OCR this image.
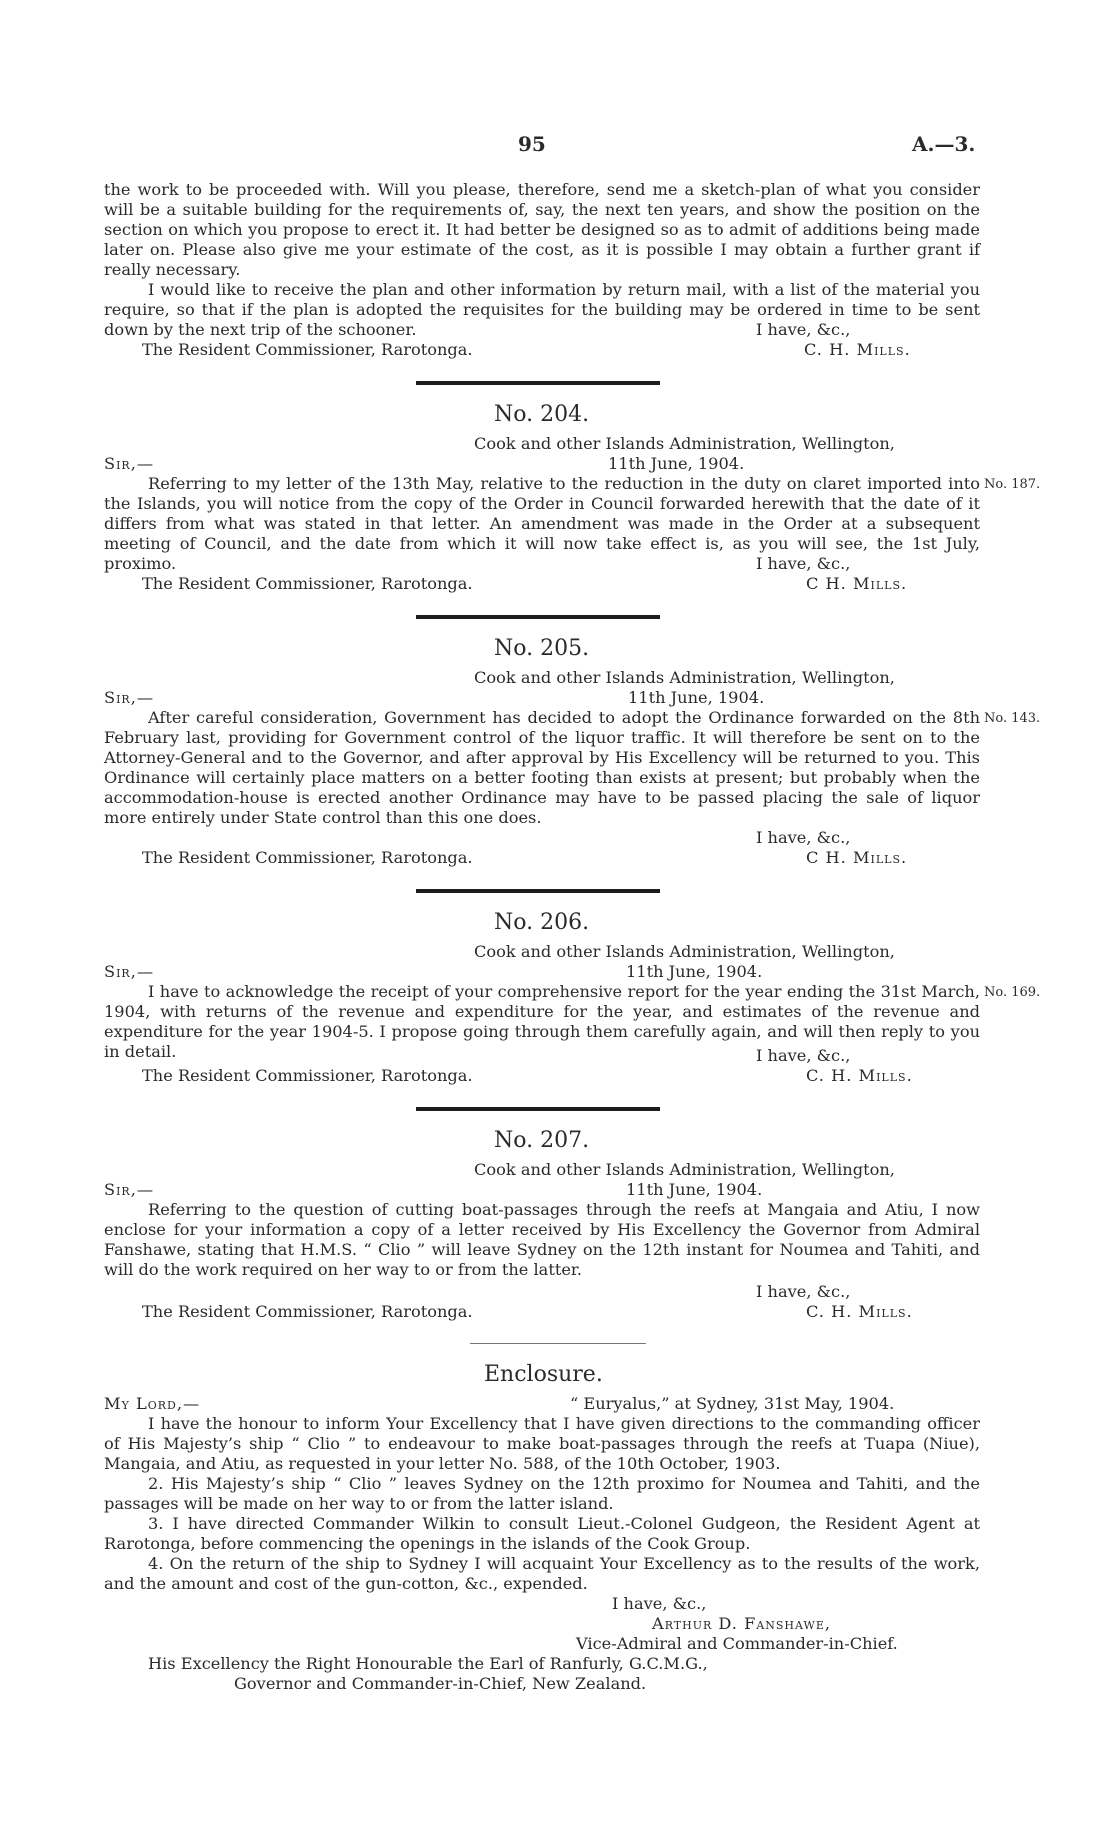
95	A.—3.

the work to be proceeded with. Will you please, therefore, send me a sketch-plan of what you consider will be a suitable building for the requirements of, say, the next ten years, and show the position on the section on which you propose to erect it. It had better be designed so as to admit of additions being made later on. Please also give me your estimate of the cost, as it is possible I may obtain a further grant if really necessary.

I would like to receive the plan and other information by return mail, with a list of the material you require, so that if the plan is adopted the requisites for the building may be ordered in time to be sent down by the next trip of the schooner.	I have, &c.,
The Resident Commissioner, Rarotonga.	C. H. Mills.
No. 204.
Cook and other Islands Administration, Wellington,
Sir,—	11th June, 1904.
Referring to my letter of the 13th May, relative to the reduction in the duty on claret imported into the Islands, you will notice from the copy of the Order in Council forwarded herewith that the date of it differs from what was stated in that letter. An amendment was made in the Order at a subsequent meeting of Council, and the date from which it will now take effect is, as you will see, the 1st July, proximo.
No. 187.
I have, &c.,
The Resident Commissioner, Rarotonga.	C H. Mills.
No. 205.
Cook and other Islands Administration, Wellington,
Sir,—	11th June, 1904.
After careful consideration, Government has decided to adopt the Ordinance forwarded on the 8th February last, providing for Government control of the liquor traffic. It will therefore be sent on to the Attorney-General and to the Governor, and after approval by His Excellency will be returned to you. This Ordinance will certainly place matters on a better footing than exists at present; but probably when the accommodation-house is erected another Ordinance may have to be passed placing the sale of liquor more entirely under State control than this one does.
No. 143.
I have, &c.,
The Resident Commissioner, Rarotonga.	C H. Mills.
No. 206.
Cook and other Islands Administration, Wellington,
Sir,—	11th June, 1904.
I have to acknowledge the receipt of your comprehensive report for the year ending the 31st March, 1904, with returns of the revenue and expenditure for the year, and estimates of the revenue and expenditure for the year 1904-5. I propose going through them carefully again, and will then reply to you in detail.
No. 169.
I have, &c.,
The Resident Commissioner, Rarotonga.	C. H. Mills.
No. 207.
Cook and other Islands Administration, Wellington,
Sir,—	11th June, 1904.
Referring to the question of cutting boat-passages through the reefs at Mangaia and Atiu, I now enclose for your information a copy of a letter received by His Excellency the Governor from Admiral Fanshawe, stating that H.M.S. “ Clio ” will leave Sydney on the 12th instant for Noumea and Tahiti, and will do the work required on her way to or from the latter.
I have, &c.,
The Resident Commissioner, Rarotonga.	C. H. Mills.
Enclosure.
My Lord,—	“ Euryalus,” at Sydney, 31st May, 1904.

I have the honour to inform Your Excellency that I have given directions to the commanding officer of His Majesty’s ship “ Clio ” to endeavour to make boat-passages through the reefs at Tuapa (Niue), Mangaia, and Atiu, as requested in your letter No. 588, of the 10th October, 1903.

2. His Majesty’s ship “ Clio ” leaves Sydney on the 12th proximo for Noumea and Tahiti, and the passages will be made on her way to or from the latter island.

3. I have directed Commander Wilkin to consult Lieut.-Colonel Gudgeon, the Resident Agent at Rarotonga, before commencing the openings in the islands of the Cook Group.

4. On the return of the ship to Sydney I will acquaint Your Excellency as to the results of the work, and the amount and cost of the gun-cotton, &c., expended.

I have, &c.,
Arthur D. Fanshawe,
Vice-Admiral and Commander-in-Chief.
His Excellency the Right Honourable the Earl of Ranfurly, G.C.M.G.,
Governor and Commander-in-Chief, New Zealand.
